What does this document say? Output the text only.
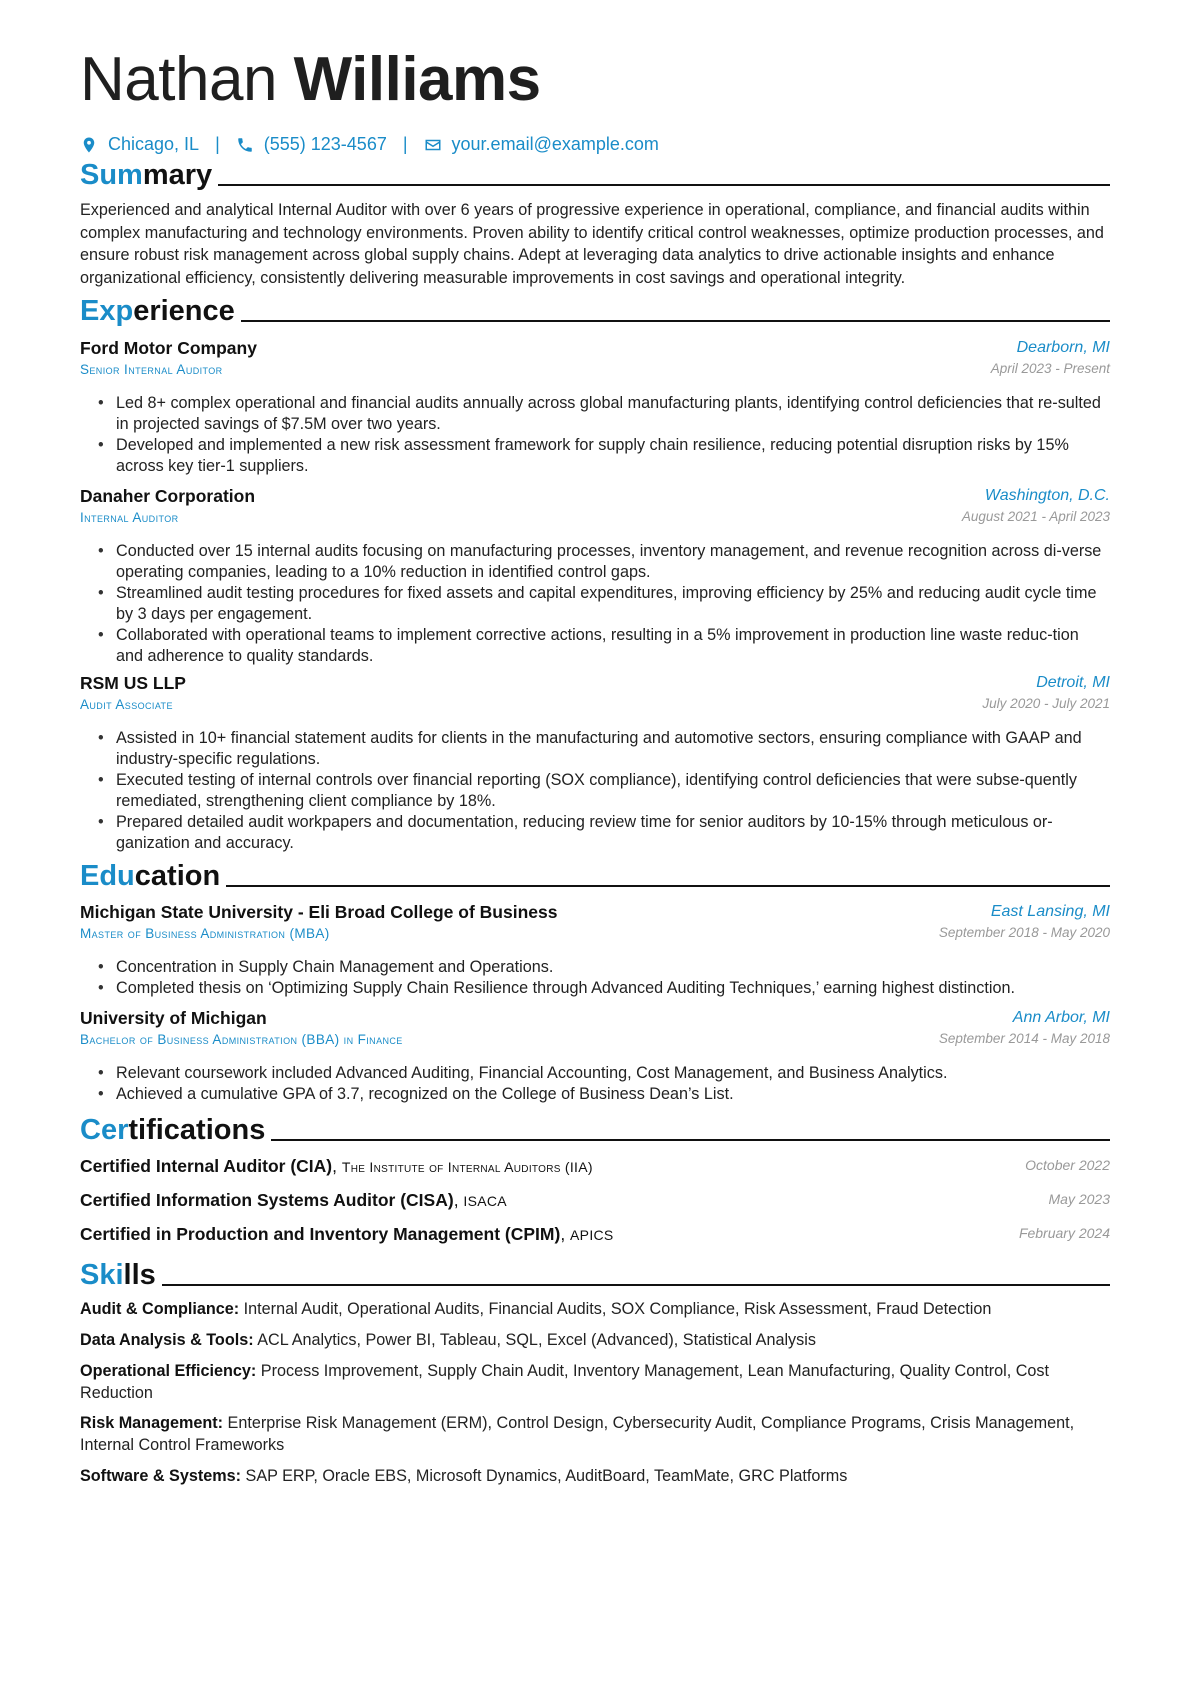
Nathan Williams
Chicago, IL | (555) 123-4567 | your.email@example.com
Summary

Experienced and analytical Internal Auditor with over 6 years of progressive experience in operational, compliance, and financial audits within complex manufacturing and technology environments. Proven ability to identify critical control weaknesses, optimize production processes, and ensure robust risk management across global supply chains. Adept at leveraging data analytics to drive actionable insights and enhance organizational efficiency, consistently delivering measurable improvements in cost savings and operational integrity.

Experience
Ford Motor Company	Dearborn, MI
Senior Internal Auditor	April 2023 - Present
• Led 8+ complex operational and financial audits annually across global manufacturing plants, identifying control deficiencies that re-sulted in projected savings of $7.5M over two years.
• Developed and implemented a new risk assessment framework for supply chain resilience, reducing potential disruption risks by 15% across key tier-1 suppliers.
Danaher Corporation	Washington, D.C.
Internal Auditor	August 2021 - April 2023
• Conducted over 15 internal audits focusing on manufacturing processes, inventory management, and revenue recognition across di-verse operating companies, leading to a 10% reduction in identified control gaps.
• Streamlined audit testing procedures for fixed assets and capital expenditures, improving efficiency by 25% and reducing audit cycle time by 3 days per engagement.
• Collaborated with operational teams to implement corrective actions, resulting in a 5% improvement in production line waste reduc-tion and adherence to quality standards.
RSM US LLP	Detroit, MI
Audit Associate	July 2020 - July 2021
• Assisted in 10+ financial statement audits for clients in the manufacturing and automotive sectors, ensuring compliance with GAAP and industry-specific regulations.
• Executed testing of internal controls over financial reporting (SOX compliance), identifying control deficiencies that were subse-quently remediated, strengthening client compliance by 18%.
• Prepared detailed audit workpapers and documentation, reducing review time for senior auditors by 10-15% through meticulous or-ganization and accuracy.
Education
Michigan State University - Eli Broad College of Business	East Lansing, MI
Master of Business Administration (MBA)	September 2018 - May 2020
• Concentration in Supply Chain Management and Operations.
• Completed thesis on ‘Optimizing Supply Chain Resilience through Advanced Auditing Techniques,’ earning highest distinction.
University of Michigan	Ann Arbor, MI
Bachelor of Business Administration (BBA) in Finance	September 2014 - May 2018
• Relevant coursework included Advanced Auditing, Financial Accounting, Cost Management, and Business Analytics.
• Achieved a cumulative GPA of 3.7, recognized on the College of Business Dean’s List.
Certifications
Certified Internal Auditor (CIA), The Institute of Internal Auditors (IIA)	October 2022
Certified Information Systems Auditor (CISA), ISACA	May 2023
Certified in Production and Inventory Management (CPIM), APICS	February 2024
Skills

Audit & Compliance: Internal Audit, Operational Audits, Financial Audits, SOX Compliance, Risk Assessment, Fraud Detection

Data Analysis & Tools: ACL Analytics, Power BI, Tableau, SQL, Excel (Advanced), Statistical Analysis

Operational Efficiency: Process Improvement, Supply Chain Audit, Inventory Management, Lean Manufacturing, Quality Control, Cost Reduction

Risk Management: Enterprise Risk Management (ERM), Control Design, Cybersecurity Audit, Compliance Programs, Crisis Management, Internal Control Frameworks

Software & Systems: SAP ERP, Oracle EBS, Microsoft Dynamics, AuditBoard, TeamMate, GRC Platforms
